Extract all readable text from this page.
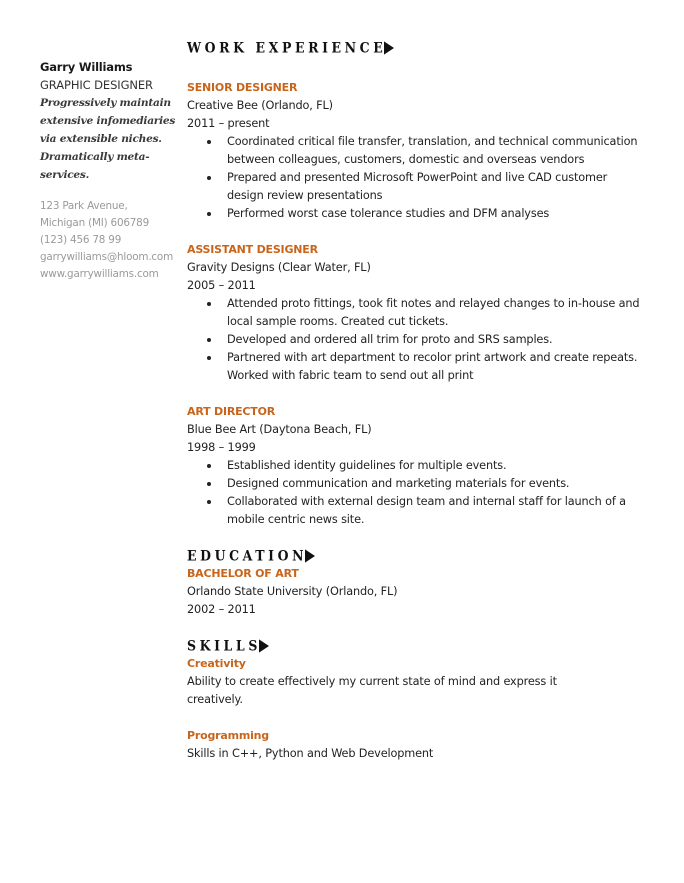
Garry Williams
GRAPHIC DESIGNER
Progressively maintain extensive infomediaries via extensible niches. Dramatically meta-services.
123 Park Avenue,
Michigan (MI) 606789
(123) 456 78 99
garrywilliams@hloom.com
www.garrywilliams.com
WORK EXPERIENCE
SENIOR DESIGNER
Creative Bee (Orlando, FL)
2011 – present
Coordinated critical file transfer, translation, and technical communication between colleagues, customers, domestic and overseas vendors
Prepared and presented Microsoft PowerPoint and live CAD customer design review presentations
Performed worst case tolerance studies and DFM analyses
ASSISTANT DESIGNER
Gravity Designs (Clear Water, FL)
2005 – 2011
Attended proto fittings, took fit notes and relayed changes to in-house and local sample rooms. Created cut tickets.
Developed and ordered all trim for proto and SRS samples.
Partnered with art department to recolor print artwork and create repeats. Worked with fabric team to send out all print
ART DIRECTOR
Blue Bee Art (Daytona Beach, FL)
1998 – 1999
Established identity guidelines for multiple events.
Designed communication and marketing materials for events.
Collaborated with external design team and internal staff for launch of a mobile centric news site.
EDUCATION
BACHELOR OF ART
Orlando State University (Orlando, FL)
2002 – 2011
SKILLS
Creativity
Ability to create effectively my current state of mind and express it creatively.
Programming
Skills in C++, Python and Web Development
